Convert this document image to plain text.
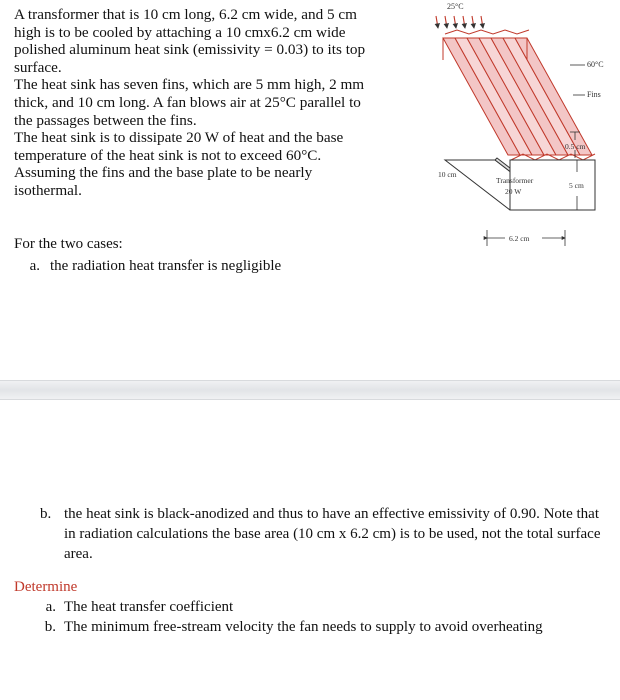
A transformer that is 10 cm long, 6.2 cm wide, and 5 cm

high is to be cooled by attaching a 10 cmx6.2 cm wide

polished aluminum heat sink (emissivity = 0.03) to its top

surface.

The heat sink has seven fins, which are 5 mm high, 2 mm

thick, and 10 cm long. A fan blows air at 25°C parallel to

the passages between the fins.

The heat sink is to dissipate 20 W of heat and the base

temperature of the heat sink is not to exceed 60°C.

Assuming the fins and the base plate to be nearly

isothermal.

25°C
60°C
Fins
10 cm
Transformer
20 W
0.5 cm
5 cm
6.2 cm
For the two cases:
a. the radiation heat transfer is negligible
b. the heat sink is black-anodized and thus to have an effective emissivity of 0.90. Note that in radiation calculations the base area (10 cm x 6.2 cm) is to be used, not the total surface area.
Determine
a. The heat transfer coefficient
b. The minimum free-stream velocity the fan needs to supply to avoid overheating
